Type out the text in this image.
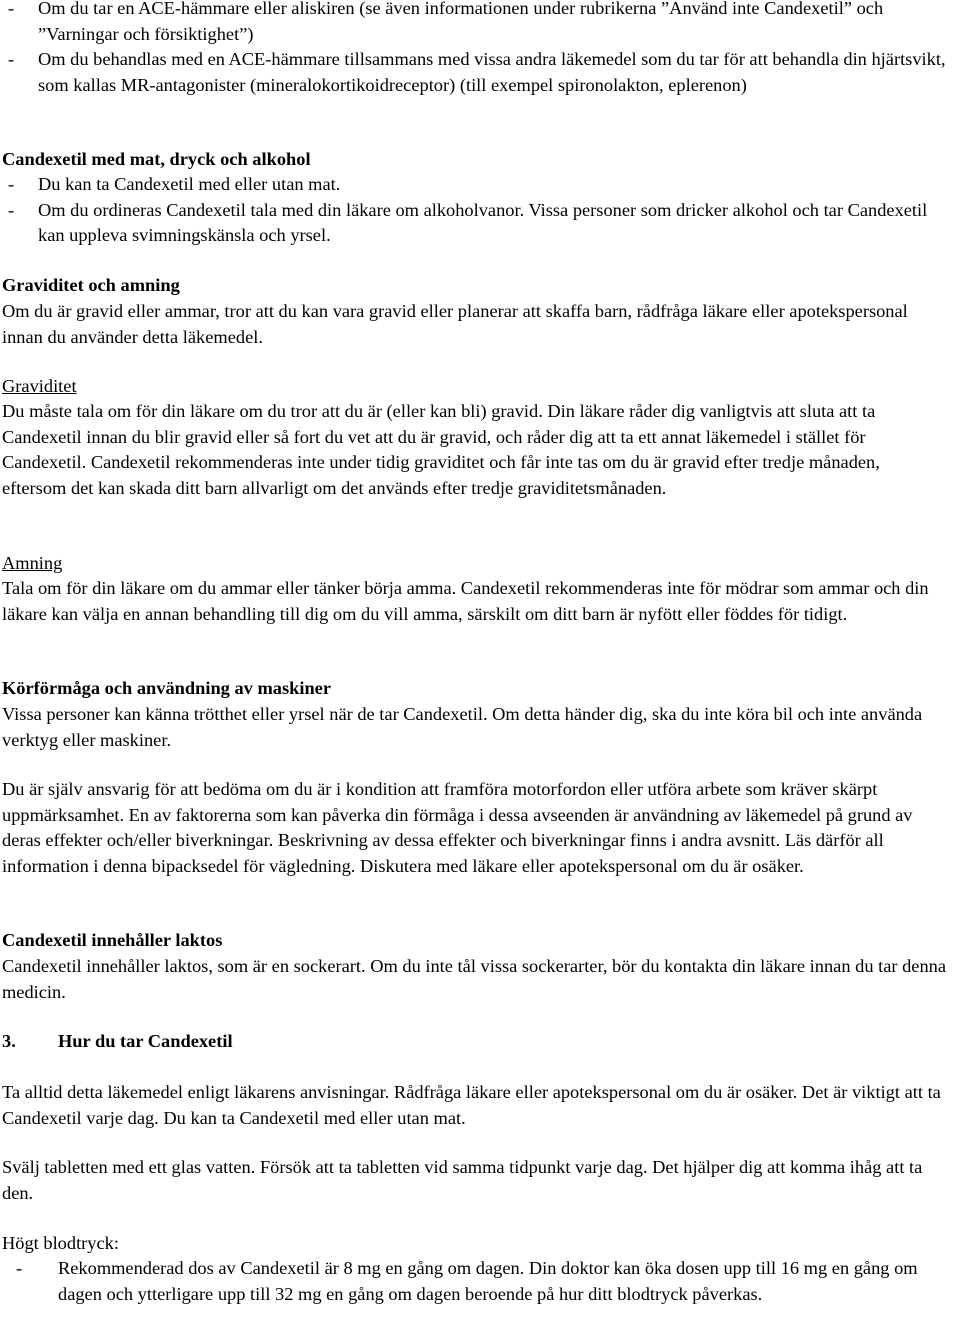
- Om du tar en ACE-hämmare eller aliskiren (se även informationen under rubrikerna ”Använd inte Candexetil” och ”Varningar och försiktighet”)
- Om du behandlas med en ACE-hämmare tillsammans med vissa andra läkemedel som du tar för att behandla din hjärtsvikt, som kallas MR-antagonister (mineralokortikoidreceptor) (till exempel spironolakton, eplerenon)
Candexetil med mat, dryck och alkohol
- Du kan ta Candexetil med eller utan mat.
- Om du ordineras Candexetil tala med din läkare om alkoholvanor. Vissa personer som dricker alkohol och tar Candexetil kan uppleva svimningskänsla och yrsel.
Graviditet och amning
Om du är gravid eller ammar, tror att du kan vara gravid eller planerar att skaffa barn, rådfråga läkare eller apotekspersonal innan du använder detta läkemedel.
Graviditet
Du måste tala om för din läkare om du tror att du är (eller kan bli) gravid. Din läkare råder dig vanligtvis att sluta att ta Candexetil innan du blir gravid eller så fort du vet att du är gravid, och råder dig att ta ett annat läkemedel i stället för Candexetil. Candexetil rekommenderas inte under tidig graviditet och får inte tas om du är gravid efter tredje månaden, eftersom det kan skada ditt barn allvarligt om det används efter tredje graviditetsmånaden.
Amning
Tala om för din läkare om du ammar eller tänker börja amma. Candexetil rekommenderas inte för mödrar som ammar och din läkare kan välja en annan behandling till dig om du vill amma, särskilt om ditt barn är nyfött eller föddes för tidigt.
Körförmåga och användning av maskiner
Vissa personer kan känna trötthet eller yrsel när de tar Candexetil. Om detta händer dig, ska du inte köra bil och inte använda verktyg eller maskiner.
Du är själv ansvarig för att bedöma om du är i kondition att framföra motorfordon eller utföra arbete som kräver skärpt uppmärksamhet. En av faktorerna som kan påverka din förmåga i dessa avseenden är användning av läkemedel på grund av deras effekter och/eller biverkningar. Beskrivning av dessa effekter och biverkningar finns i andra avsnitt. Läs därför all information i denna bipacksedel för vägledning. Diskutera med läkare eller apotekspersonal om du är osäker.
Candexetil innehåller laktos
Candexetil innehåller laktos, som är en sockerart. Om du inte tål vissa sockerarter, bör du kontakta din läkare innan du tar denna medicin.
3. Hur du tar Candexetil
Ta alltid detta läkemedel enligt läkarens anvisningar. Rådfråga läkare eller apotekspersonal om du är osäker. Det är viktigt att ta Candexetil varje dag. Du kan ta Candexetil med eller utan mat.
Svälj tabletten med ett glas vatten. Försök att ta tabletten vid samma tidpunkt varje dag. Det hjälper dig att komma ihåg att ta den.
Högt blodtryck:
- Rekommenderad dos av Candexetil är 8 mg en gång om dagen. Din doktor kan öka dosen upp till 16 mg en gång om dagen och ytterligare upp till 32 mg en gång om dagen beroende på hur ditt blodtryck påverkas.
